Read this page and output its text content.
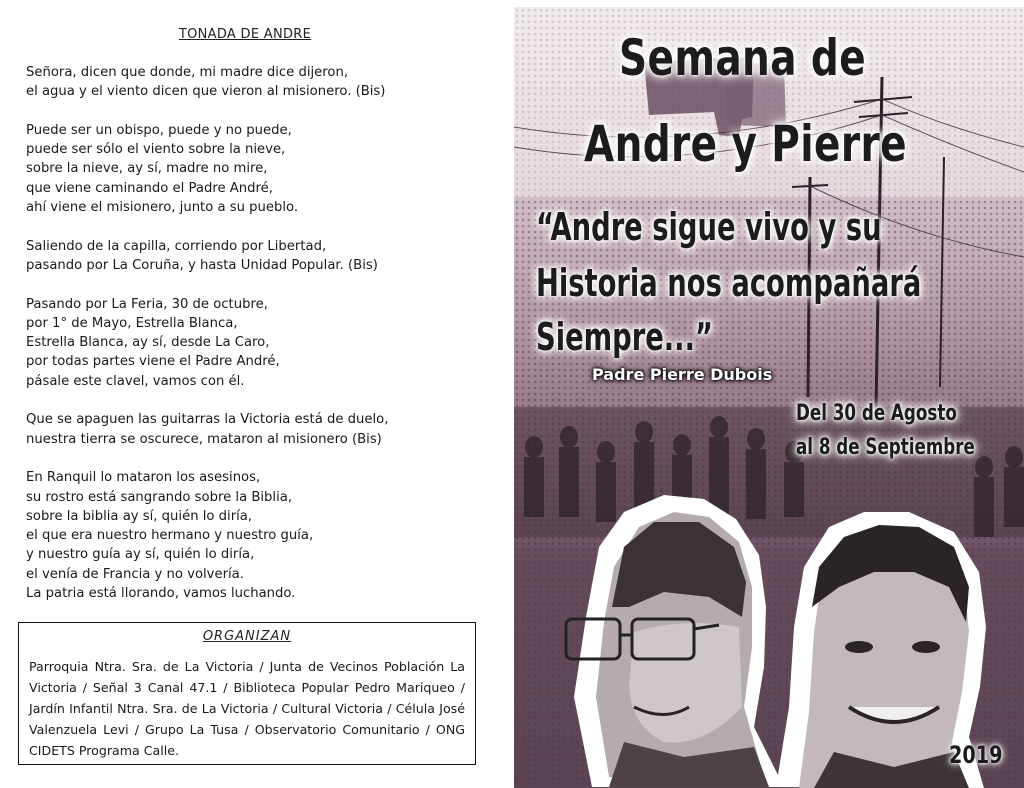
TONADA DE ANDRE
Señora, dicen que donde, mi madre dice dijeron,
el agua y el viento dicen que vieron al misionero. (Bis)
Puede ser un obispo, puede y no puede,
puede ser sólo el viento sobre la nieve,
sobre la nieve, ay sí, madre no mire,
que viene caminando el Padre André,
ahí viene el misionero, junto a su pueblo.
Saliendo de la capilla, corriendo por Libertad,
pasando por La Coruña, y hasta Unidad Popular. (Bis)
Pasando por La Feria, 30 de octubre,
por 1° de Mayo, Estrella Blanca,
Estrella Blanca, ay sí, desde La Caro,
por todas partes viene el Padre André,
pásale este clavel, vamos con él.
Que se apaguen las guitarras la Victoria está de duelo,
nuestra tierra se oscurece, mataron al misionero (Bis)
En Ranquil lo mataron los asesinos,
su rostro está sangrando sobre la Biblia,
sobre la biblia ay sí, quién lo diría,
el que era nuestro hermano y nuestro guía,
y nuestro guía ay sí, quién lo diría,
el venía de Francia y no volvería.
La patria está llorando, vamos luchando.
ORGANIZAN
Parroquia Ntra. Sra. de La Victoria / Junta de Vecinos Población La Victoria / Señal 3 Canal 47.1 / Biblioteca Popular Pedro Mariqueo / Jardín Infantil Ntra. Sra. de La Victoria / Cultural Victoria / Célula José Valenzuela Levi / Grupo La Tusa / Observatorio Comunitario / ONG CIDETS Programa Calle.
Semana de
Andre y Pierre
“Andre sigue vivo y su
Historia nos acompañará
Siempre...”
Padre Pierre Dubois
Del 30 de Agosto
al 8 de Septiembre
2019
